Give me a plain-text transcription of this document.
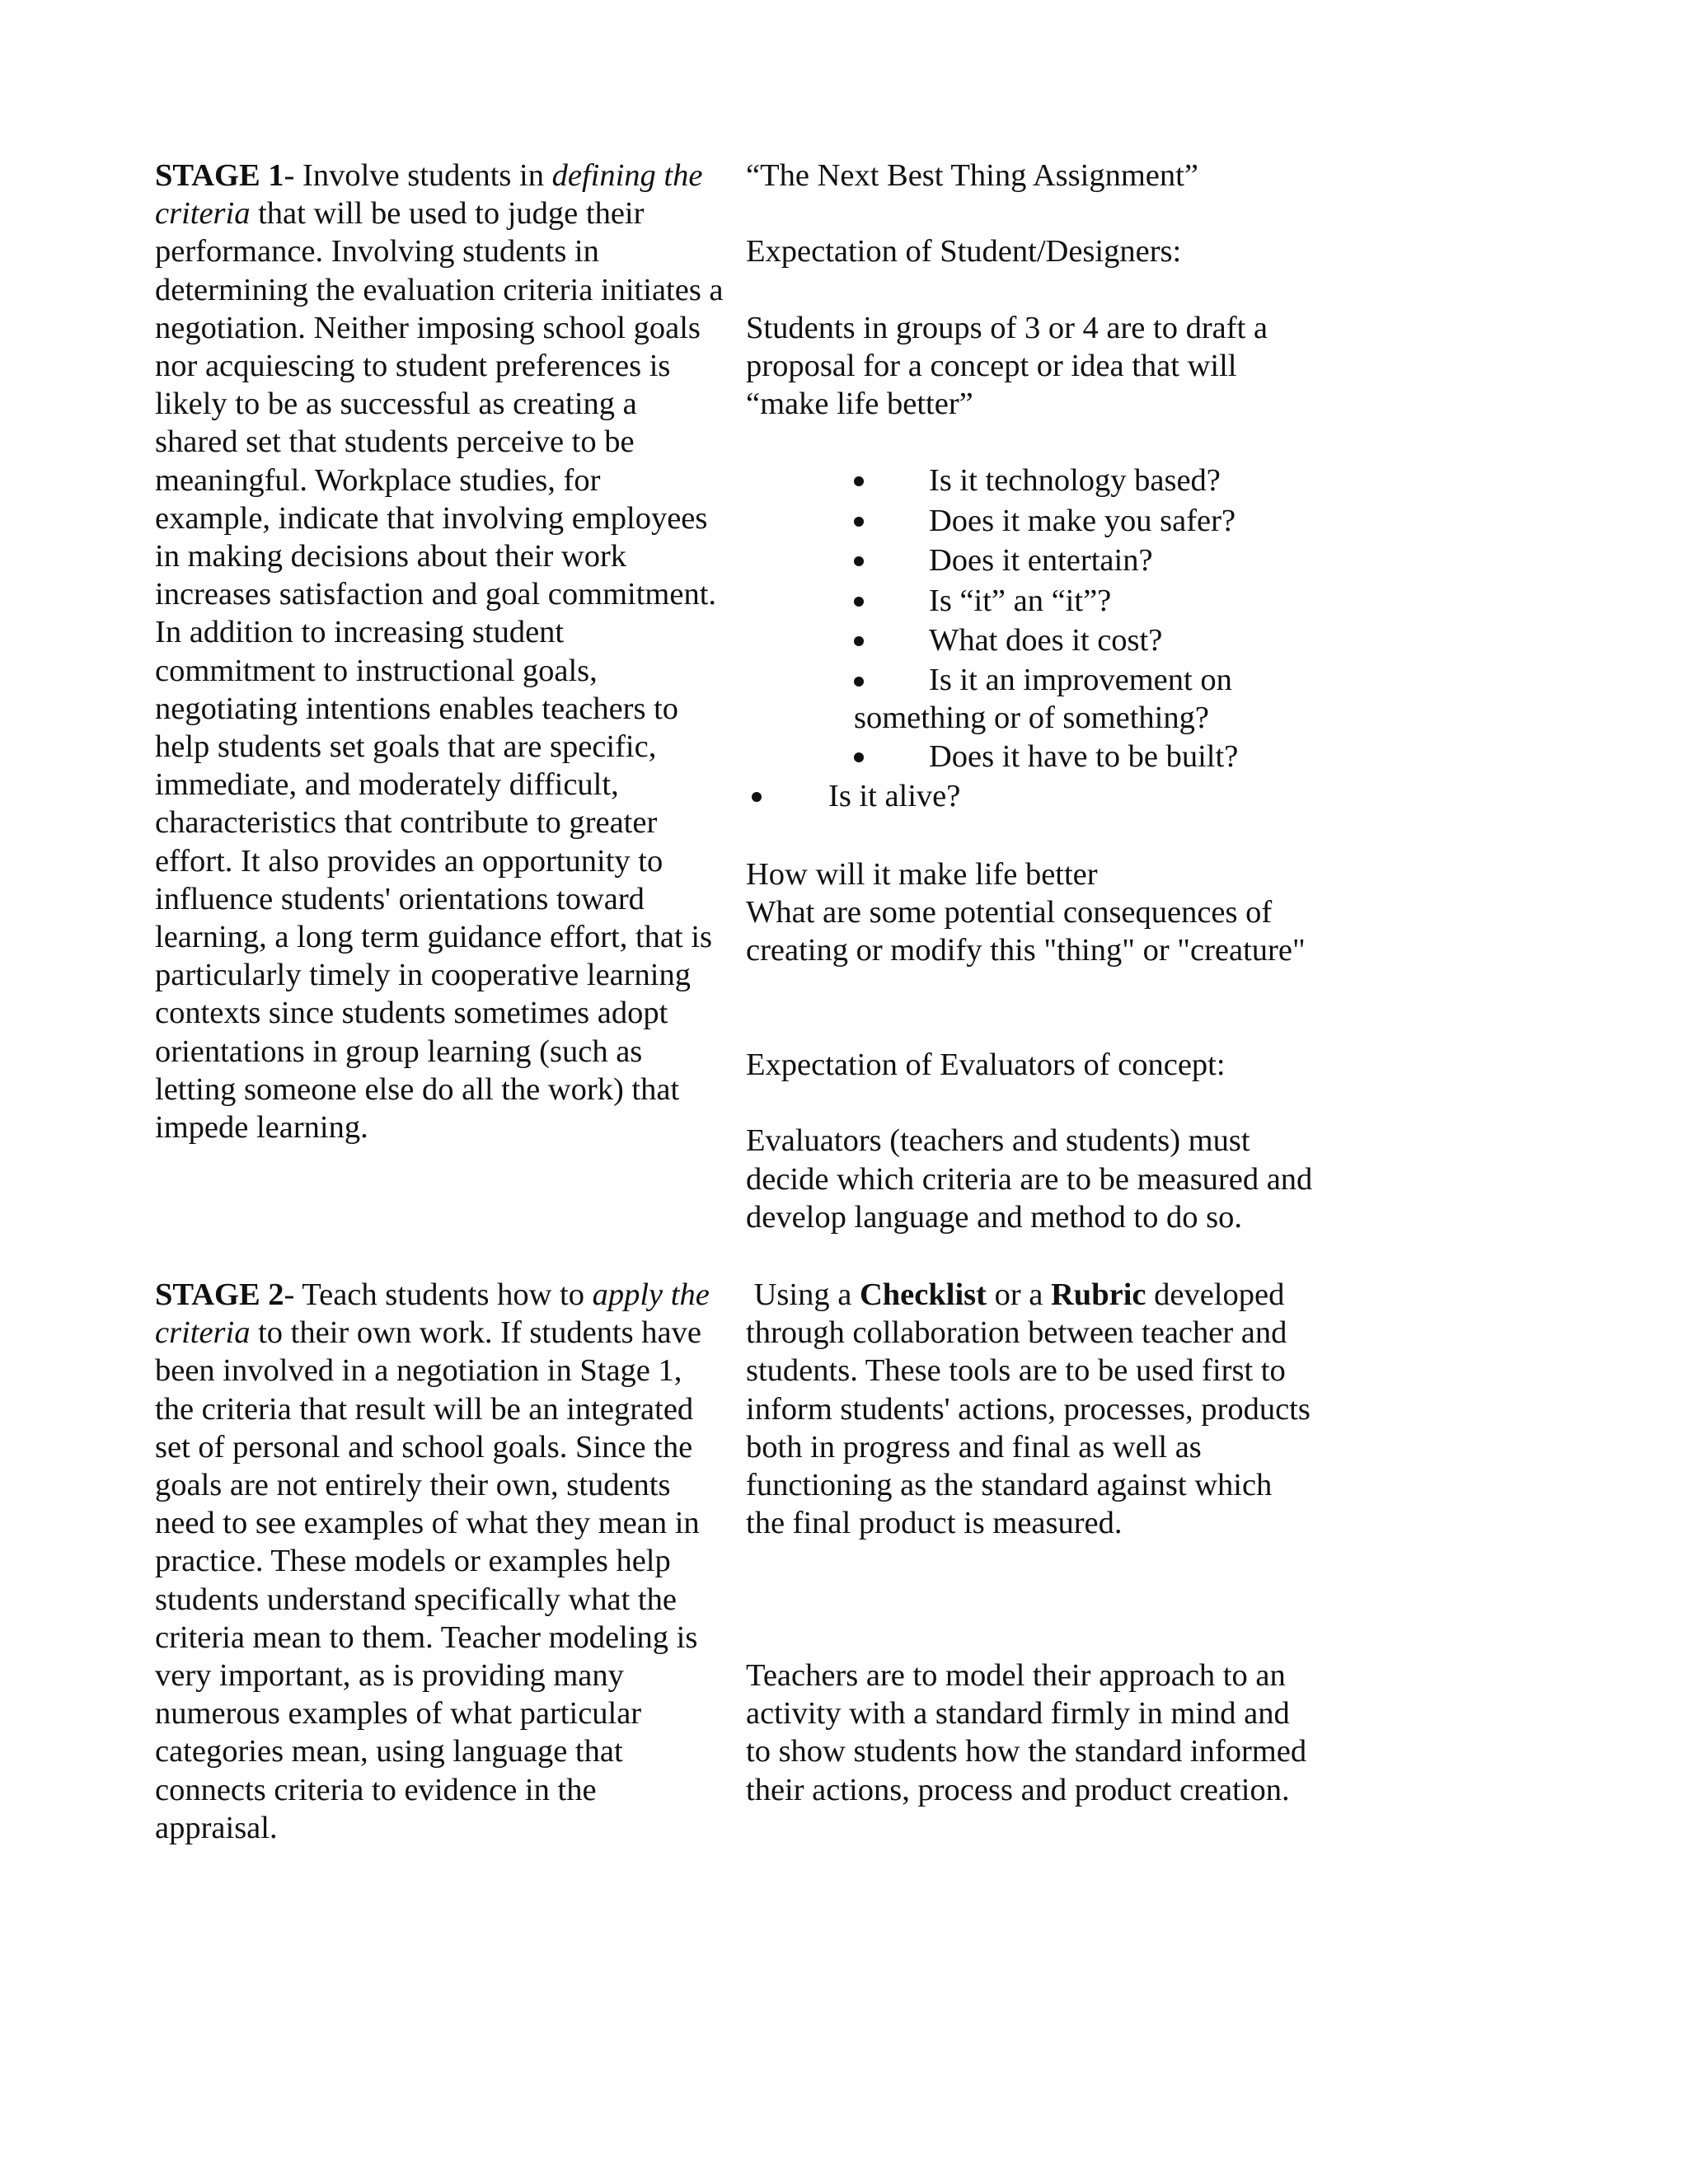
STAGE 1- Involve students in defining the
criteria that will be used to judge their
performance. Involving students in
determining the evaluation criteria initiates a
negotiation. Neither imposing school goals
nor acquiescing to student preferences is
likely to be as successful as creating a
shared set that students perceive to be
meaningful. Workplace studies, for
example, indicate that involving employees
in making decisions about their work
increases satisfaction and goal commitment.
In addition to increasing student
commitment to instructional goals,
negotiating intentions enables teachers to
help students set goals that are specific,
immediate, and moderately difficult,
characteristics that contribute to greater
effort. It also provides an opportunity to
influence students' orientations toward
learning, a long term guidance effort, that is
particularly timely in cooperative learning
contexts since students sometimes adopt
orientations in group learning (such as
letting someone else do all the work) that
impede learning.
“The Next Best Thing Assignment”
Expectation of Student/Designers:
Students in groups of 3 or 4 are to draft a
proposal for a concept or idea that will
“make life better”
Is it technology based?
Does it make you safer?
Does it entertain?
Is “it” an “it”?
What does it cost?
Is it an improvement on
something or of something?
Does it have to be built?
Is it alive?
How will it make life better
What are some potential consequences of
creating or modify this "thing" or "creature"
Expectation of Evaluators of concept:
Evaluators (teachers and students) must
decide which criteria are to be measured and
develop language and method to do so.
STAGE 2- Teach students how to apply the
criteria to their own work. If students have
been involved in a negotiation in Stage 1,
the criteria that result will be an integrated
set of personal and school goals. Since the
goals are not entirely their own, students
need to see examples of what they mean in
practice. These models or examples help
students understand specifically what the
criteria mean to them. Teacher modeling is
very important, as is providing many
numerous examples of what particular
categories mean, using language that
connects criteria to evidence in the
appraisal.
Using a Checklist or a Rubric developed
through collaboration between teacher and
students. These tools are to be used first to
inform students' actions, processes, products
both in progress and final as well as
functioning as the standard against which
the final product is measured.
Teachers are to model their approach to an
activity with a standard firmly in mind and
to show students how the standard informed
their actions, process and product creation.
